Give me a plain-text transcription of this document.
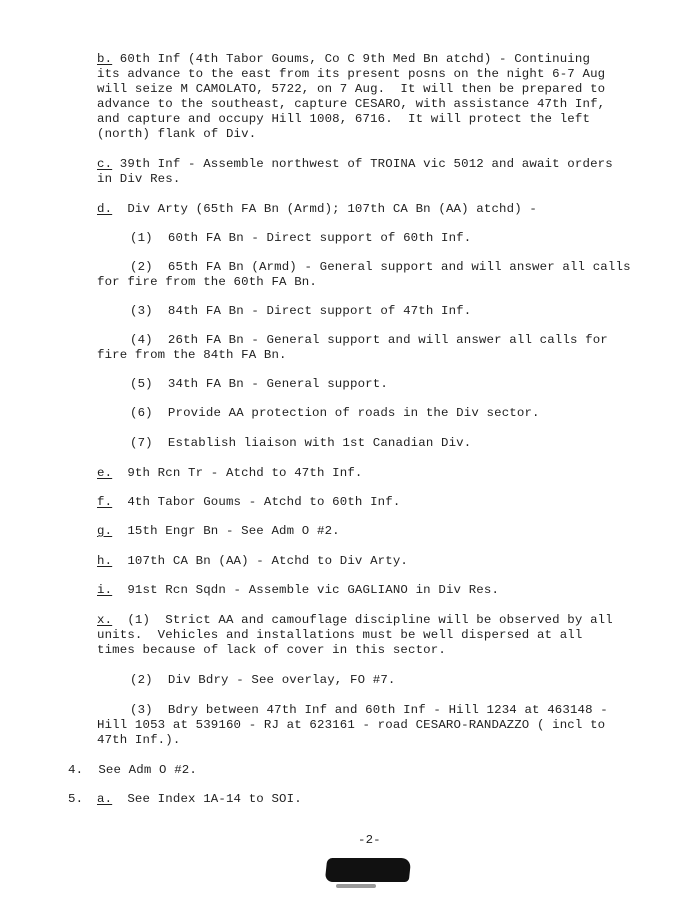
b. 60th Inf (4th Tabor Goums, Co C 9th Med Bn atchd) - Continuing
its advance to the east from its present posns on the night 6-7 Aug
will seize M CAMOLATO, 5722, on 7 Aug.  It will then be prepared to
advance to the southeast, capture CESARO, with assistance 47th Inf,
and capture and occupy Hill 1008, 6716.  It will protect the left
(north) flank of Div.
c. 39th Inf - Assemble northwest of TROINA vic 5012 and await orders
in Div Res.
d.  Div Arty (65th FA Bn (Armd); 107th CA Bn (AA) atchd) -
(1)  60th FA Bn - Direct support of 60th Inf.
(2)  65th FA Bn (Armd) - General support and will answer all calls
for fire from the 60th FA Bn.
(3)  84th FA Bn - Direct support of 47th Inf.
(4)  26th FA Bn - General support and will answer all calls for
fire from the 84th FA Bn.
(5)  34th FA Bn - General support.
(6)  Provide AA protection of roads in the Div sector.
(7)  Establish liaison with 1st Canadian Div.
e.  9th Rcn Tr - Atchd to 47th Inf.
f.  4th Tabor Goums - Atchd to 60th Inf.
g.  15th Engr Bn - See Adm O #2.
h.  107th CA Bn (AA) - Atchd to Div Arty.
i.  91st Rcn Sqdn - Assemble vic GAGLIANO in Div Res.
x.  (1)  Strict AA and camouflage discipline will be observed by all
units.  Vehicles and installations must be well dispersed at all
times because of lack of cover in this sector.
(2)  Div Bdry - See overlay, FO #7.
(3)  Bdry between 47th Inf and 60th Inf - Hill 1234 at 463148 -
Hill 1053 at 539160 - RJ at 623161 - road CESARO-RANDAZZO ( incl to
47th Inf.).
4.  See Adm O #2.
5. a.  See Index 1A-14 to SOI.
-2-
T
